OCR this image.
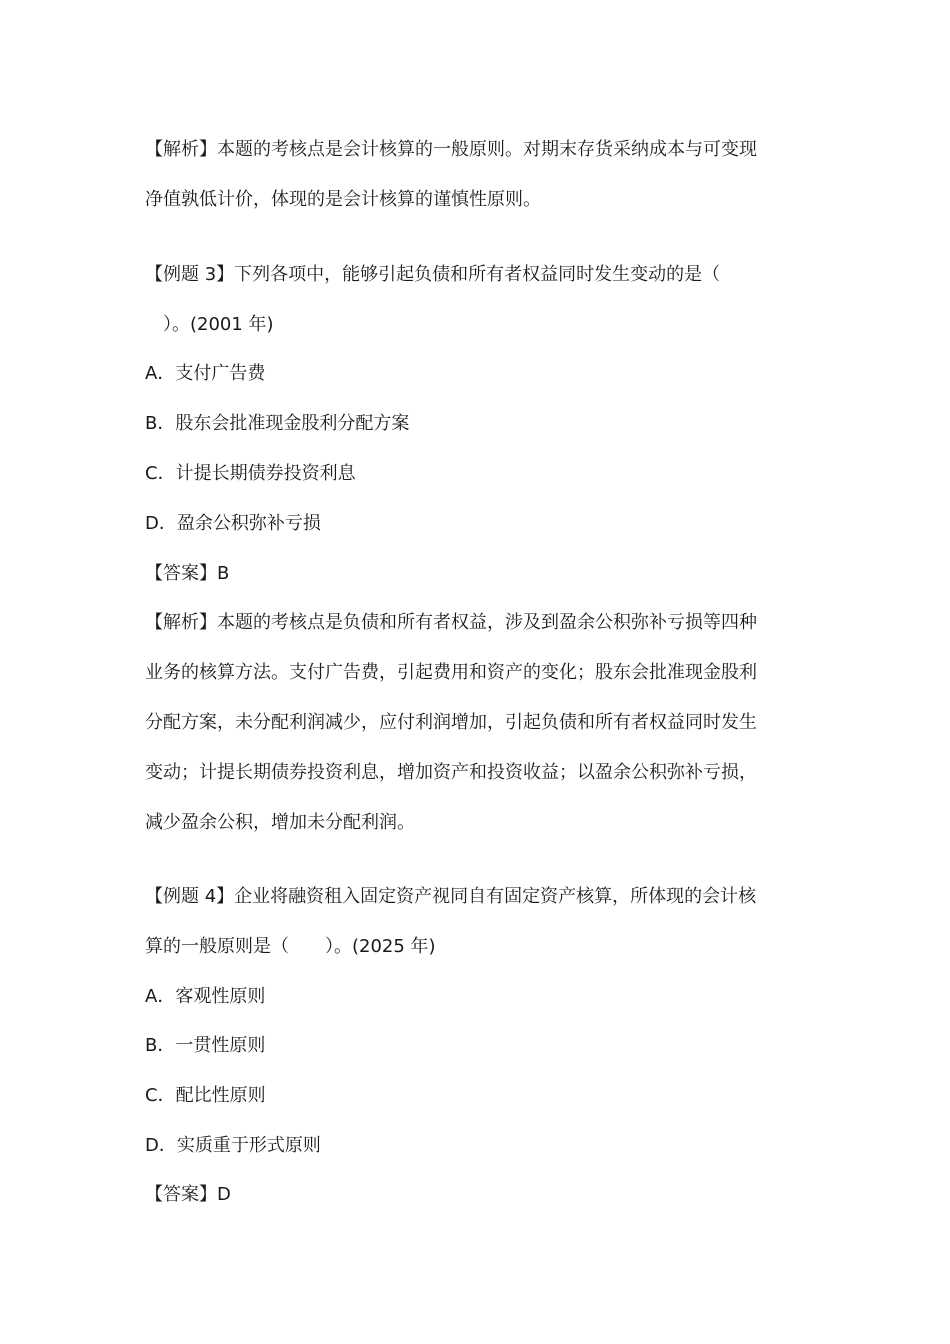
【解析】本题的考核点是会计核算的一般原则。对期末存货采纳成本与可变现
净值孰低计价，体现的是会计核算的谨慎性原则。
【例题 3】下列各项中，能够引起负债和所有者权益同时发生变动的是（
　）。(2001 年)
A．支付广告费
B．股东会批准现金股利分配方案
C．计提长期债券投资利息
D．盈余公积弥补亏损
【答案】B
【解析】本题的考核点是负债和所有者权益，涉及到盈余公积弥补亏损等四种
业务的核算方法。支付广告费，引起费用和资产的变化；股东会批准现金股利
分配方案，未分配利润减少，应付利润增加，引起负债和所有者权益同时发生
变动；计提长期债券投资利息，增加资产和投资收益；以盈余公积弥补亏损，
减少盈余公积，增加未分配利润。
【例题 4】企业将融资租入固定资产视同自有固定资产核算，所体现的会计核
算的一般原则是（　　）。(2025 年)
A．客观性原则
B．一贯性原则
C．配比性原则
D．实质重于形式原则
【答案】D
